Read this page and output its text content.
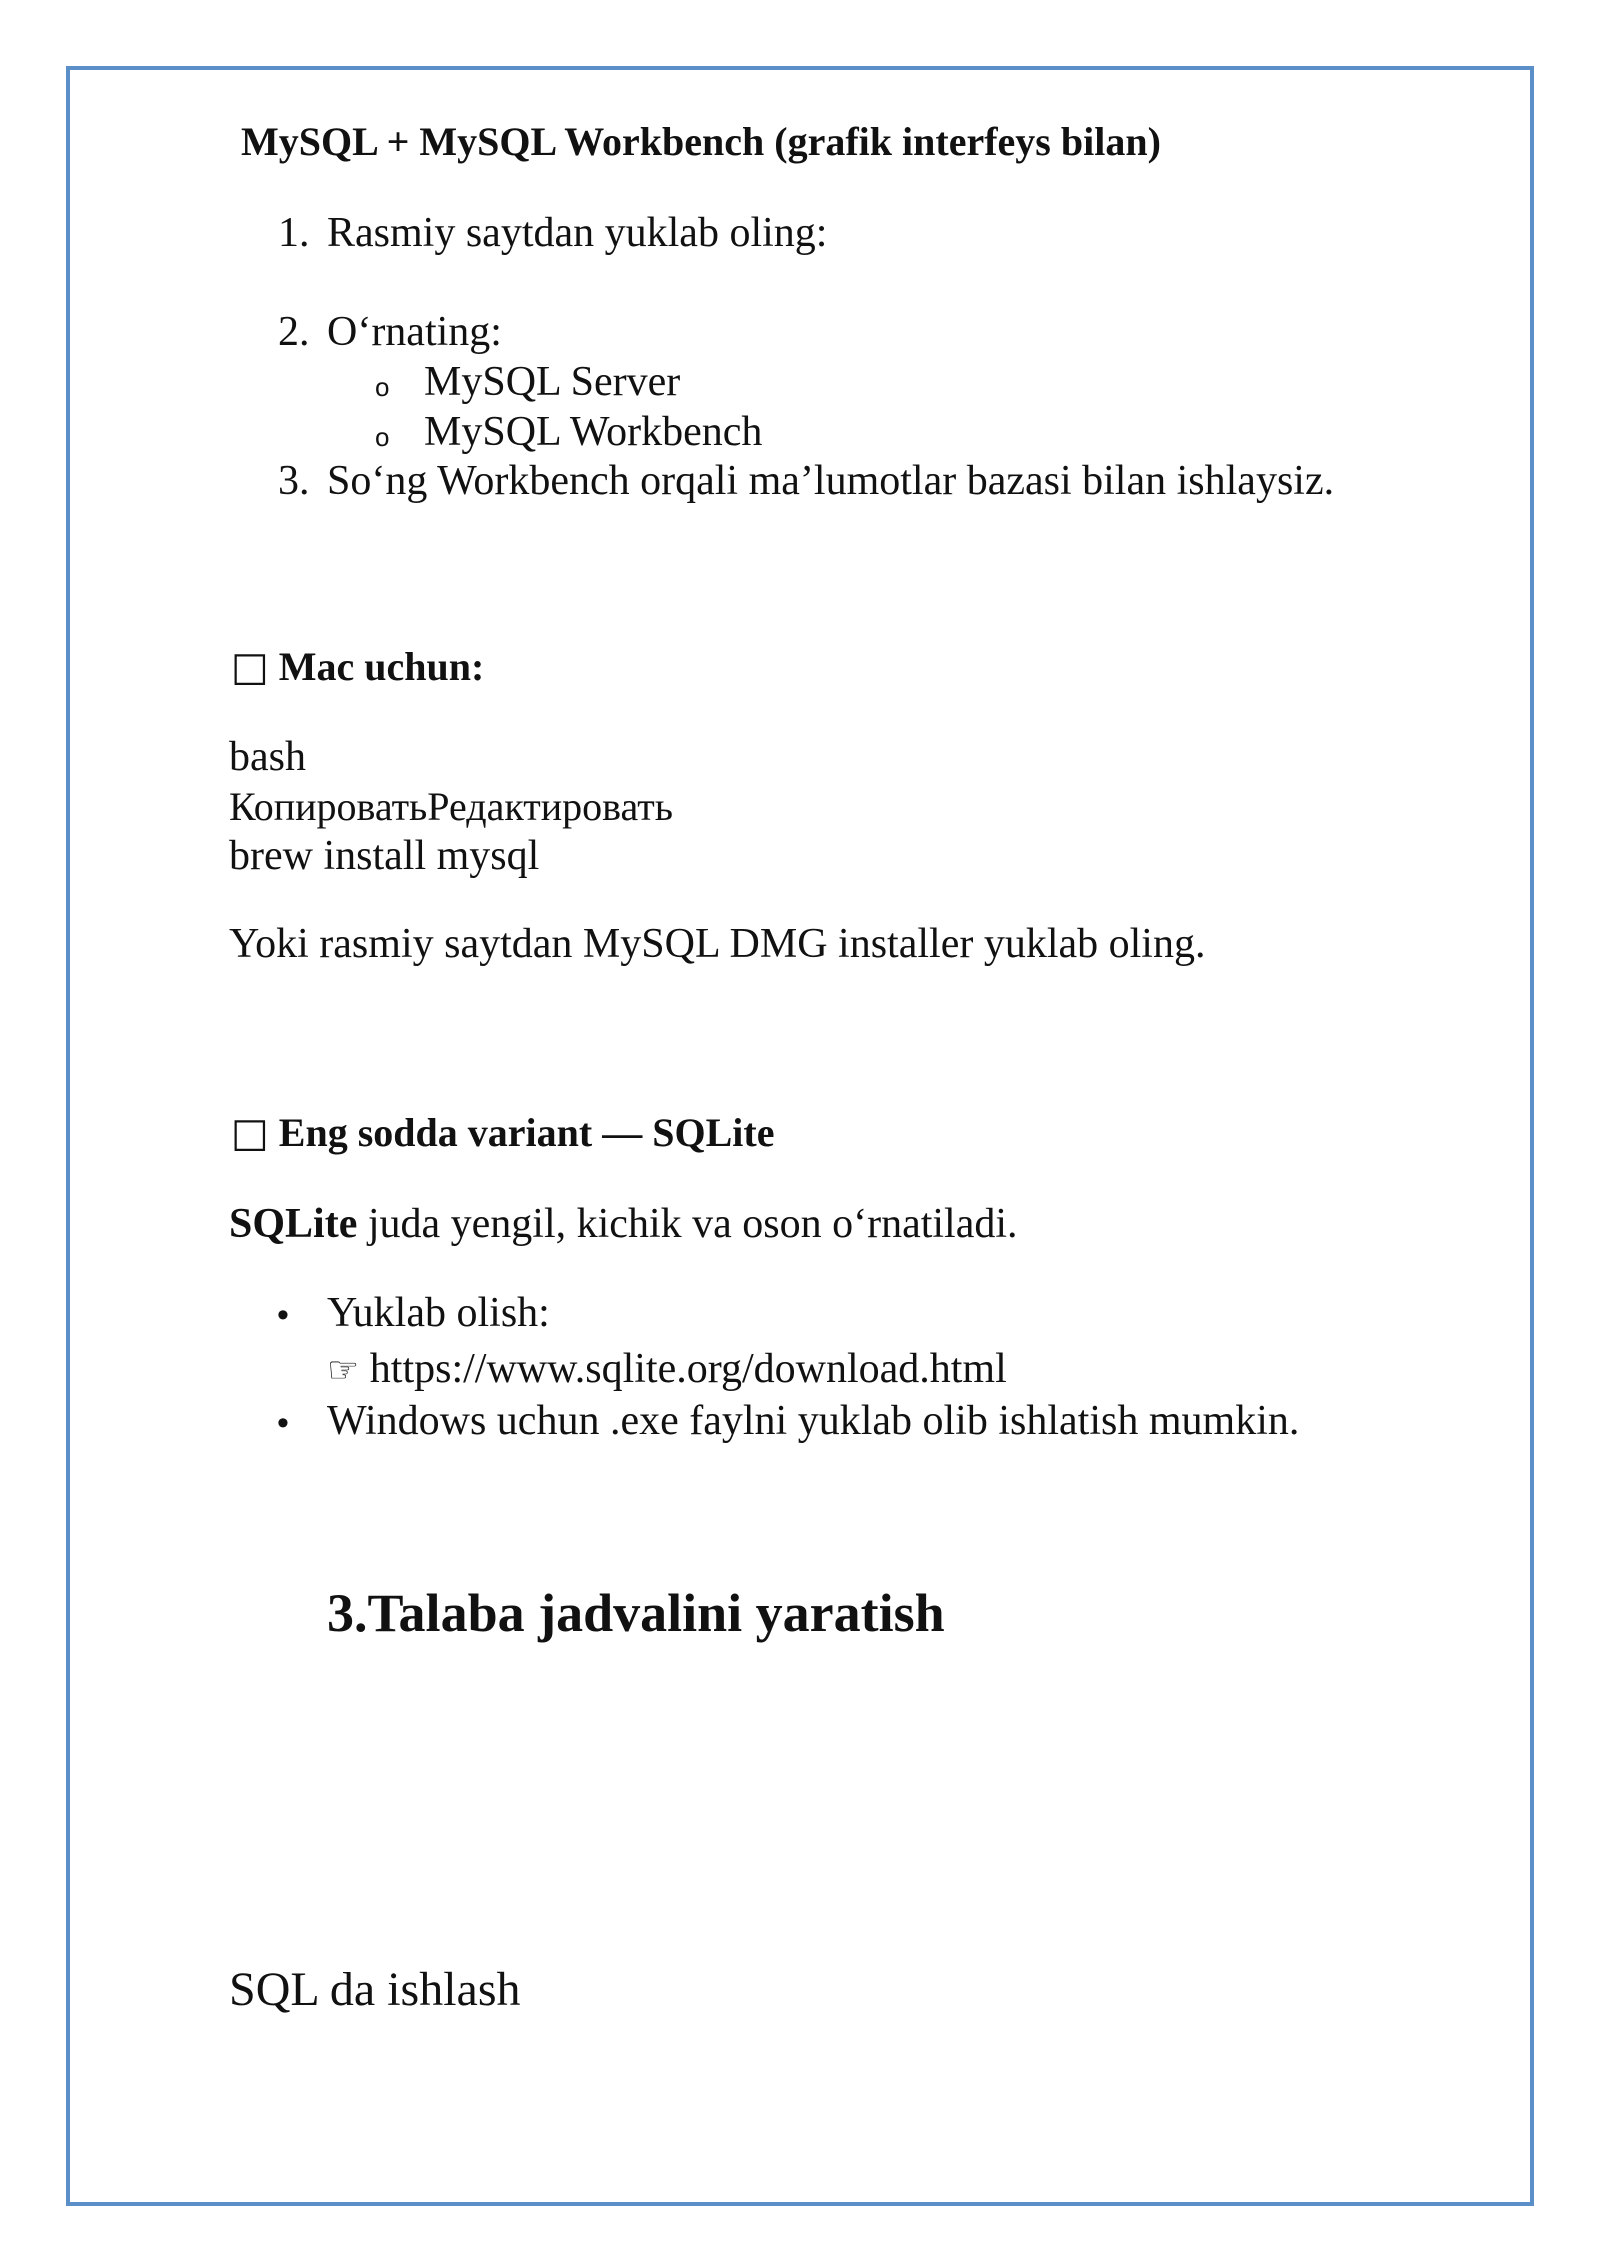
MySQL + MySQL Workbench (grafik interfeys bilan)
1. Rasmiy saytdan yuklab oling:
2. O‘rnating:
o MySQL Server
o MySQL Workbench
3. So‘ng Workbench orqali ma’lumotlar bazasi bilan ishlaysiz.
□ Mac uchun:
bash
КопироватьРедактировать
brew install mysql
Yoki rasmiy saytdan MySQL DMG installer yuklab oling.
□ Eng sodda variant — SQLite
SQLite juda yengil, kichik va oson o‘rnatiladi.
• Yuklab olish:
☞ https://www.sqlite.org/download.html
• Windows uchun .exe faylni yuklab olib ishlatish mumkin.
3.Talaba jadvalini yaratish
SQL da ishlash
